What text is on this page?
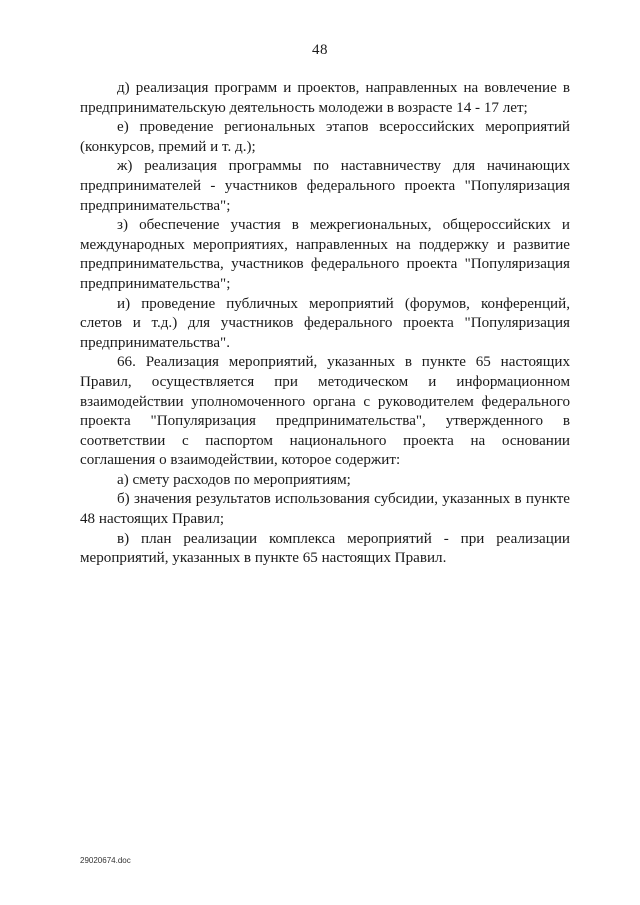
48

д) реализация программ и проектов, направленных на вовлечение в предпринимательскую деятельность молодежи в возрасте 14 - 17 лет;

е) проведение региональных этапов всероссийских мероприятий (конкурсов, премий и т. д.);

ж) реализация программы по наставничеству для начинающих предпринимателей - участников федерального проекта "Популяризация предпринимательства";

з) обеспечение участия в межрегиональных, общероссийских и международных мероприятиях, направленных на поддержку и развитие предпринимательства, участников федерального проекта "Популяризация предпринимательства";

и) проведение публичных мероприятий (форумов, конференций, слетов и т.д.) для участников федерального проекта "Популяризация предпринимательства".

66. Реализация мероприятий, указанных в пункте 65 настоящих Правил, осуществляется при методическом и информационном взаимодействии уполномоченного органа с руководителем федерального проекта "Популяризация предпринимательства", утвержденного в соответствии с паспортом национального проекта на основании соглашения о взаимодействии, которое содержит:

а) смету расходов по мероприятиям;

б) значения результатов использования субсидии, указанных в пункте 48 настоящих Правил;

в) план реализации комплекса мероприятий - при реализации мероприятий, указанных в пункте 65 настоящих Правил.

29020674.doc
